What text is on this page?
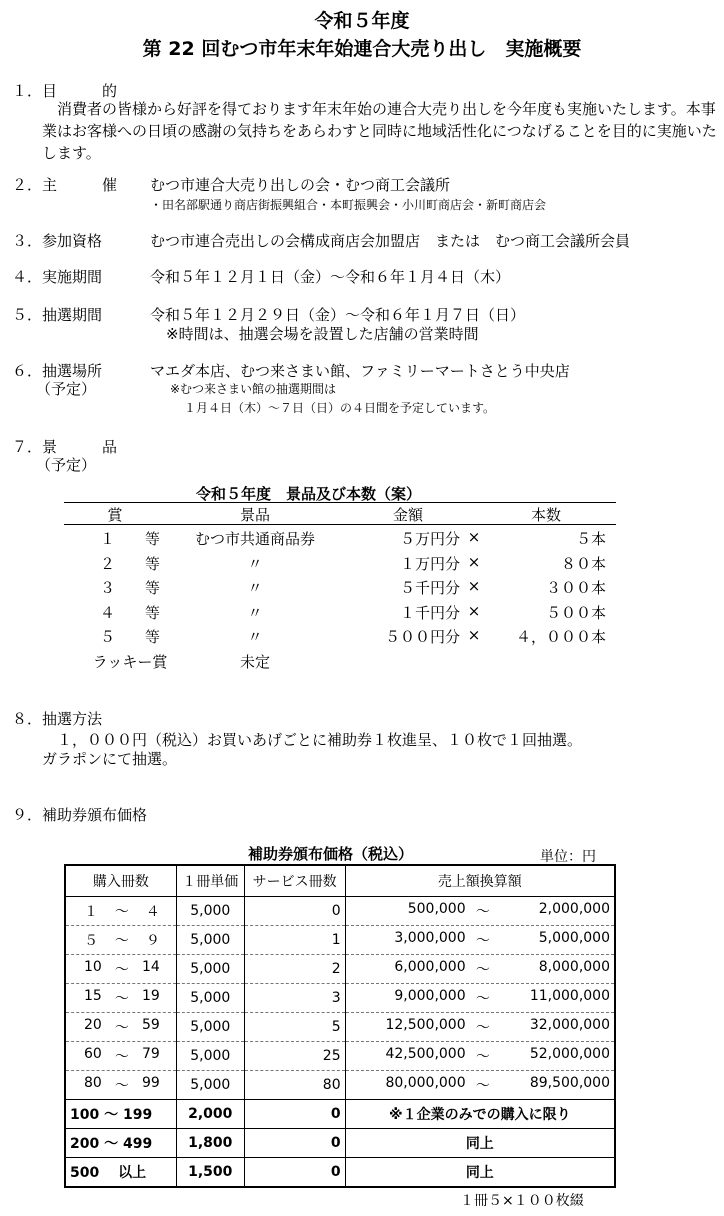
令和５年度
第 22 回むつ市年末年始連合大売り出し　実施概要
１． 目　　　的
　消費者の皆様から好評を得ております年末年始の連合大売り出しを今年度も実施いたします。本事業はお客様への日頃の感謝の気持ちをあらわすと同時に地域活性化につなげることを目的に実施いたします。
２． 主　　　催 むつ市連合大売り出しの会・むつ商工会議所
・田名部駅通り商店街振興組合・本町振興会・小川町商店会・新町商店会
３． 参加資格	むつ市連合売出しの会構成商店会加盟店　または　むつ商工会議所会員
４． 実施期間	令和５年１２月１日（金）～令和６年１月４日（木）
５． 抽選期間	令和５年１２月２９日（金）～令和６年１月７日（日）
※時間は、抽選会場を設置した店舗の営業時間
６． 抽選場所
（予定）
マエダ本店、むつ来さまい館、ファミリーマートさとう中央店
※むつ来さまい館の抽選期間は
１月４日（木）～７日（日）の４日間を予定しています。
７． 景　　　品
（予定）
令和５年度　景品及び本数（案）
賞	景品	金額	本数
１　　等	むつ市共通商品券	５万円分 ×	５本
２　　等	〃	１万円分 ×	８０本
３　　等	〃	５千円分 ×	３００本
４　　等	〃	１千円分 ×	５００本
５　　等	〃	５００円分 ×	４，０００本
ラッキー賞	未定
８． 抽選方法
　１，０００円（税込）お買いあげごとに補助券１枚進呈、１０枚で１回抽選。
ガラポンにて抽選。
９． 補助券頒布価格
補助券頒布価格（税込）	単位：円
購入冊数	１冊単価	サービス冊数	売上額換算額

１ ～ ４	5,000	0	500,000 ～ 2,000,000

５ ～ ９	5,000	1	3,000,000 ～ 5,000,000

10 ～ 14	5,000	2	6,000,000 ～ 8,000,000

15 ～ 19	5,000	3	9,000,000 ～ 11,000,000

20 ～ 59	5,000	5	12,500,000 ～ 32,000,000

60 ～ 79	5,000	25	42,500,000 ～ 52,000,000

80 ～ 99	5,000	80	80,000,000 ～ 89,500,000

100 ～ 199	2,000	0	※１企業のみでの購入に限り
200 ～ 499	1,800	0	同上
500　 以上	1,500	0	同上
１冊５×１００枚綴
